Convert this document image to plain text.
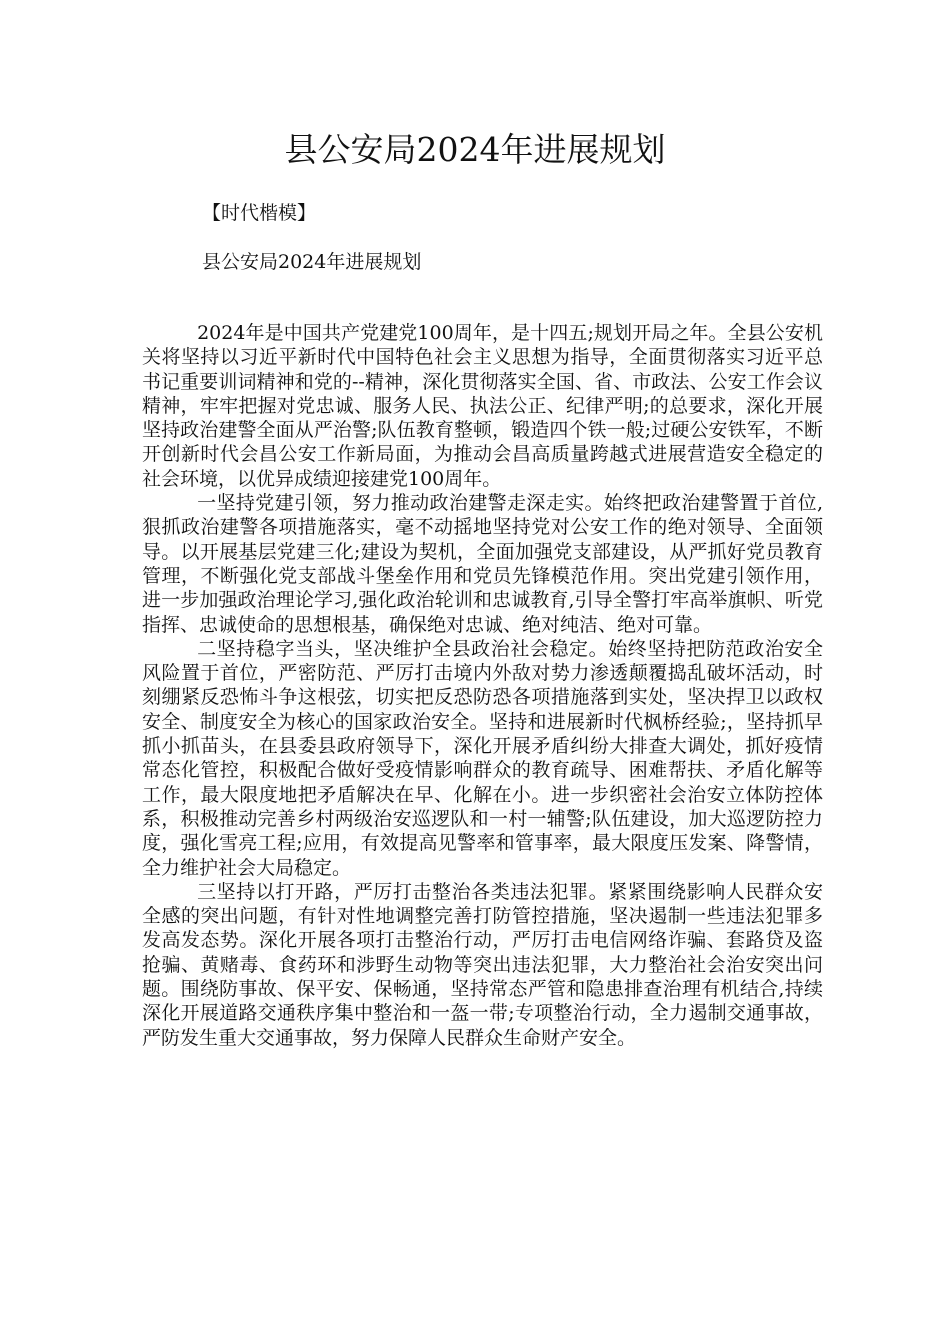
县公安局2024年进展规划
【时代楷模】
县公安局2024年进展规划

2024年是中国共产党建党100周年，是十四五;规划开局之年。全县公安机关将坚持以习近平新时代中国特色社会主义思想为指导，全面贯彻落实习近平总书记重要训词精神和党的--精神，深化贯彻落实全国、省、市政法、公安工作会议精神，牢牢把握对党忠诚、服务人民、执法公正、纪律严明;的总要求，深化开展坚持政治建警全面从严治警;队伍教育整顿，锻造四个铁一般;过硬公安铁军，不断开创新时代会昌公安工作新局面，为推动会昌高质量跨越式进展营造安全稳定的社会环境，以优异成绩迎接建党100周年。

一坚持党建引领，努力推动政治建警走深走实。始终把政治建警置于首位,狠抓政治建警各项措施落实，毫不动摇地坚持党对公安工作的绝对领导、全面领导。以开展基层党建三化;建设为契机，全面加强党支部建设，从严抓好党员教育管理，不断强化党支部战斗堡垒作用和党员先锋模范作用。突出党建引领作用，进一步加强政治理论学习,强化政治轮训和忠诚教育,引导全警打牢高举旗帜、听党指挥、忠诚使命的思想根基，确保绝对忠诚、绝对纯洁、绝对可靠。

二坚持稳字当头，坚决维护全县政治社会稳定。始终坚持把防范政治安全风险置于首位，严密防范、严厉打击境内外敌对势力渗透颠覆捣乱破坏活动，时刻绷紧反恐怖斗争这根弦，切实把反恐防恐各项措施落到实处，坚决捍卫以政权安全、制度安全为核心的国家政治安全。坚持和进展新时代枫桥经验;，坚持抓早抓小抓苗头，在县委县政府领导下，深化开展矛盾纠纷大排查大调处，抓好疫情常态化管控，积极配合做好受疫情影响群众的教育疏导、困难帮扶、矛盾化解等工作，最大限度地把矛盾解决在早、化解在小。进一步织密社会治安立体防控体系，积极推动完善乡村两级治安巡逻队和一村一辅警;队伍建设，加大巡逻防控力度，强化雪亮工程;应用，有效提高见警率和管事率，最大限度压发案、降警情，全力维护社会大局稳定。

三坚持以打开路，严厉打击整治各类违法犯罪。紧紧围绕影响人民群众安全感的突出问题，有针对性地调整完善打防管控措施，坚决遏制一些违法犯罪多发高发态势。深化开展各项打击整治行动，严厉打击电信网络诈骗、套路贷及盗抢骗、黄赌毒、食药环和涉野生动物等突出违法犯罪，大力整治社会治安突出问题。围绕防事故、保平安、保畅通，坚持常态严管和隐患排查治理有机结合,持续深化开展道路交通秩序集中整治和一盔一带;专项整治行动，全力遏制交通事故，严防发生重大交通事故，努力保障人民群众生命财产安全。
